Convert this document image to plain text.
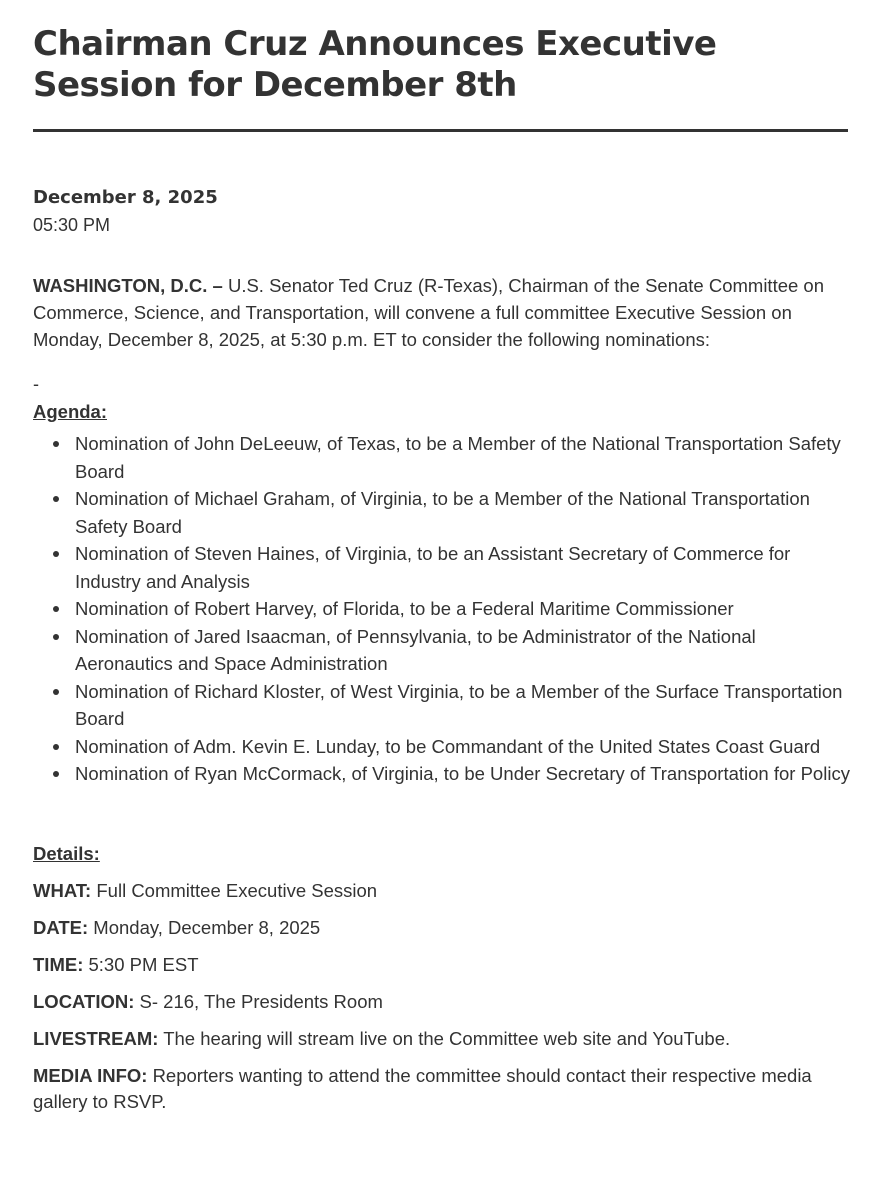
Chairman Cruz Announces Executive Session for December 8th
December 8, 2025
05:30 PM
WASHINGTON, D.C. – U.S. Senator Ted Cruz (R-Texas), Chairman of the Senate Committee on Commerce, Science, and Transportation, will convene a full committee Executive Session on Monday, December 8, 2025, at 5:30 p.m. ET to consider the following nominations:
-
Agenda:
Nomination of John DeLeeuw, of Texas, to be a Member of the National Transportation Safety Board
Nomination of Michael Graham, of Virginia, to be a Member of the National Transportation Safety Board
Nomination of Steven Haines, of Virginia, to be an Assistant Secretary of Commerce for Industry and Analysis
Nomination of Robert Harvey, of Florida, to be a Federal Maritime Commissioner
Nomination of Jared Isaacman, of Pennsylvania, to be Administrator of the National Aeronautics and Space Administration
Nomination of Richard Kloster, of West Virginia, to be a Member of the Surface Transportation Board
Nomination of Adm. Kevin E. Lunday, to be Commandant of the United States Coast Guard
Nomination of Ryan McCormack, of Virginia, to be Under Secretary of Transportation for Policy
Details:
WHAT: Full Committee Executive Session
DATE: Monday, December 8, 2025
TIME: 5:30 PM EST
LOCATION: S- 216, The Presidents Room
LIVESTREAM: The hearing will stream live on the Committee web site and YouTube.
MEDIA INFO: Reporters wanting to attend the committee should contact their respective media gallery to RSVP.
